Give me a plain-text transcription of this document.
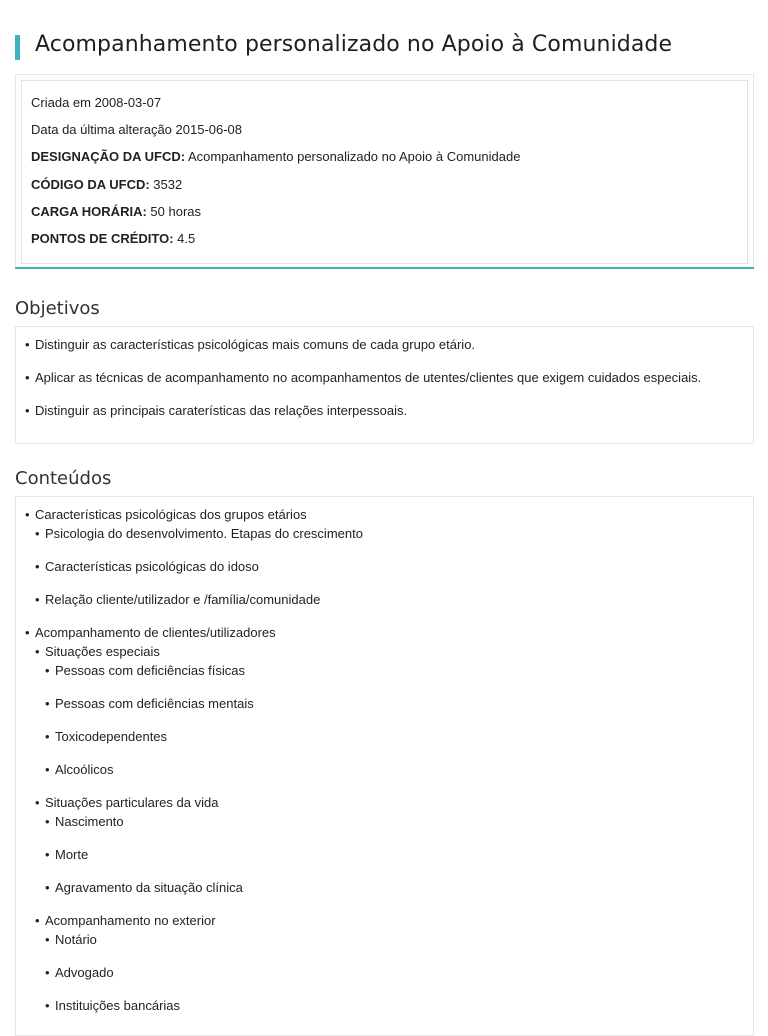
Acompanhamento personalizado no Apoio à Comunidade
Criada em 2008-03-07
Data da última alteração 2015-06-08
DESIGNAÇÃO DA UFCD: Acompanhamento personalizado no Apoio à Comunidade
CÓDIGO DA UFCD: 3532
CARGA HORÁRIA: 50 horas
PONTOS DE CRÉDITO: 4.5
Objetivos
• Distinguir as características psicológicas mais comuns de cada grupo etário.
• Aplicar as técnicas de acompanhamento no acompanhamentos de utentes/clientes que exigem cuidados especiais.
• Distinguir as principais caraterísticas das relações interpessoais.
Conteúdos
• Características psicológicas dos grupos etários
• Psicologia do desenvolvimento. Etapas do crescimento
• Características psicológicas do idoso
• Relação cliente/utilizador e /família/comunidade
• Acompanhamento de clientes/utilizadores
• Situações especiais
• Pessoas com deficiências físicas
• Pessoas com deficiências mentais
• Toxicodependentes
• Alcoólicos
• Situações particulares da vida
• Nascimento
• Morte
• Agravamento da situação clínica
• Acompanhamento no exterior
• Notário
• Advogado
• Instituições bancárias
